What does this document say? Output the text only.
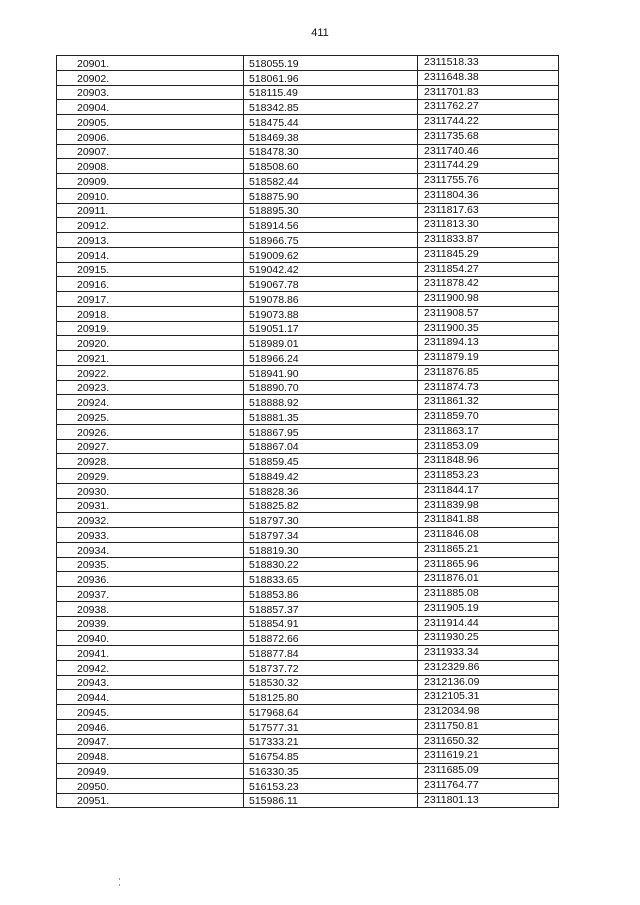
411
20901.	518055.19	2311518.33
20902.	518061.96	2311648.38
20903.	518115.49	2311701.83
20904.	518342.85	2311762.27
20905.	518475.44	2311744.22
20906.	518469.38	2311735.68
20907.	518478.30	2311740.46
20908.	518508.60	2311744.29
20909.	518582.44	2311755.76
20910.	518875.90	2311804.36
20911.	518895.30	2311817.63
20912.	518914.56	2311813.30
20913.	518966.75	2311833.87
20914.	519009.62	2311845.29
20915.	519042.42	2311854.27
20916.	519067.78	2311878.42
20917.	519078.86	2311900.98
20918.	519073.88	2311908.57
20919.	519051.17	2311900.35
20920.	518989.01	2311894.13
20921.	518966.24	2311879.19
20922.	518941.90	2311876.85
20923.	518890.70	2311874.73
20924.	518888.92	2311861.32
20925.	518881.35	2311859.70
20926.	518867.95	2311863.17
20927.	518867.04	2311853.09
20928.	518859.45	2311848.96
20929.	518849.42	2311853.23
20930.	518828.36	2311844.17
20931.	518825.82	2311839.98
20932.	518797.30	2311841.88
20933.	518797.34	2311846.08
20934.	518819.30	2311865.21
20935.	518830.22	2311865.96
20936.	518833.65	2311876.01
20937.	518853.86	2311885.08
20938.	518857.37	2311905.19
20939.	518854.91	2311914.44
20940.	518872.66	2311930.25
20941.	518877.84	2311933.34
20942.	518737.72	2312329.86
20943.	518530.32	2312136.09
20944.	518125.80	2312105.31
20945.	517968.64	2312034.98
20946.	517577.31	2311750.81
20947.	517333.21	2311650.32
20948.	516754.85	2311619.21
20949.	516330.35	2311685.09
20950.	516153.23	2311764.77
20951.	515986.11	2311801.13
